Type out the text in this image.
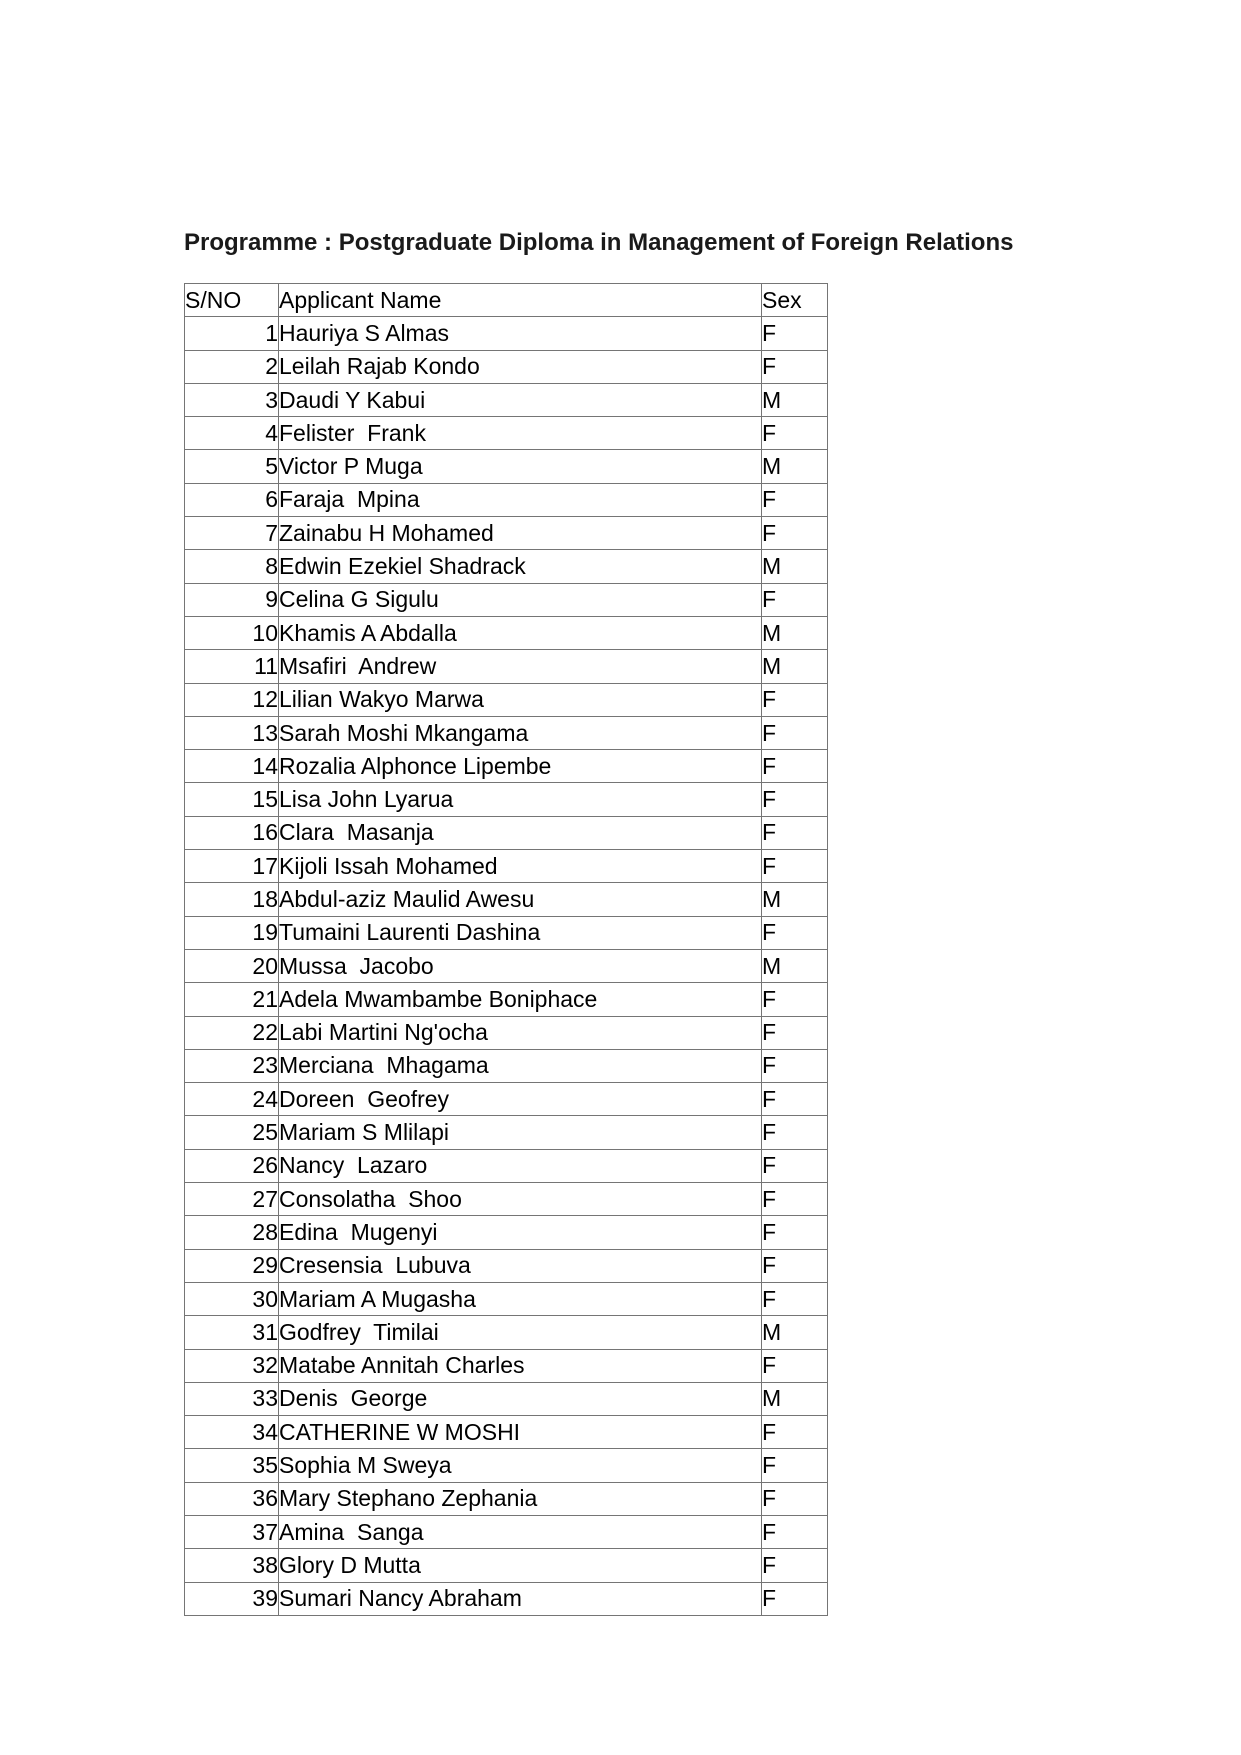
Programme : Postgraduate Diploma in Management of Foreign Relations
S/NO	Applicant Name	Sex
1	Hauriya S Almas	F
2	Leilah Rajab Kondo	F
3	Daudi Y Kabui	M
4	Felister  Frank	F
5	Victor P Muga	M
6	Faraja  Mpina	F
7	Zainabu H Mohamed	F
8	Edwin Ezekiel Shadrack	M
9	Celina G Sigulu	F
10	Khamis A Abdalla	M
11	Msafiri  Andrew	M
12	Lilian Wakyo Marwa	F
13	Sarah Moshi Mkangama	F
14	Rozalia Alphonce Lipembe	F
15	Lisa John Lyarua	F
16	Clara  Masanja	F
17	Kijoli Issah Mohamed	F
18	Abdul-aziz Maulid Awesu	M
19	Tumaini Laurenti Dashina	F
20	Mussa  Jacobo	M
21	Adela Mwambambe Boniphace	F
22	Labi Martini Ng'ocha	F
23	Merciana  Mhagama	F
24	Doreen  Geofrey	F
25	Mariam S Mlilapi	F
26	Nancy  Lazaro	F
27	Consolatha  Shoo	F
28	Edina  Mugenyi	F
29	Cresensia  Lubuva	F
30	Mariam A Mugasha	F
31	Godfrey  Timilai	M
32	Matabe Annitah Charles	F
33	Denis  George	M
34	CATHERINE W MOSHI	F
35	Sophia M Sweya	F
36	Mary Stephano Zephania	F
37	Amina  Sanga	F
38	Glory D Mutta	F
39	Sumari Nancy Abraham	F
